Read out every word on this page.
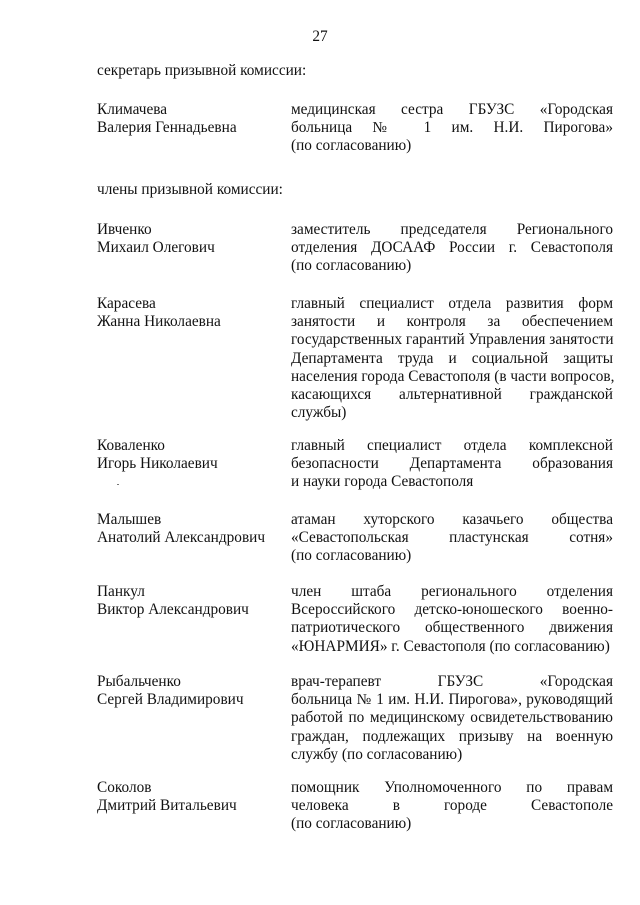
27
секретарь призывной комиссии:
члены призывной комиссии:
Климачева
Валерия Геннадьевна
медицинская сестра ГБУЗС «Городская
больница № 1 им. Н.И. Пирогова»
(по согласованию)
Ивченко
Михаил Олегович
заместитель председателя Регионального
отделения ДОСААФ России г. Севастополя
(по согласованию)
Карасева
Жанна Николаевна
главный специалист отдела развития форм
занятости и контроля за обеспечением
государственных гарантий Управления занятости
Департамента труда и социальной защиты
населения города Севастополя (в части вопросов,
касающихся альтернативной гражданской
службы)
Коваленко
Игорь Николаевич
главный специалист отдела комплексной
безопасности Департамента образования
и науки города Севастополя
Малышев
Анатолий Александрович
атаман хуторского казачьего общества
«Севастопольская пластунская сотня»
(по согласованию)
Панкул
Виктор Александрович
член штаба регионального отделения
Всероссийского детско-юношеского военно-
патриотического общественного движения
«ЮНАРМИЯ» г. Севастополя (по согласованию)
Рыбальченко
Сергей Владимирович
врач-терапевт ГБУЗС «Городская
больница № 1 им. Н.И. Пирогова», руководящий
работой по медицинскому освидетельствованию
граждан, подлежащих призыву на военную
службу (по согласованию)
Соколов
Дмитрий Витальевич
помощник Уполномоченного по правам
человека в городе Севастополе
(по согласованию)
